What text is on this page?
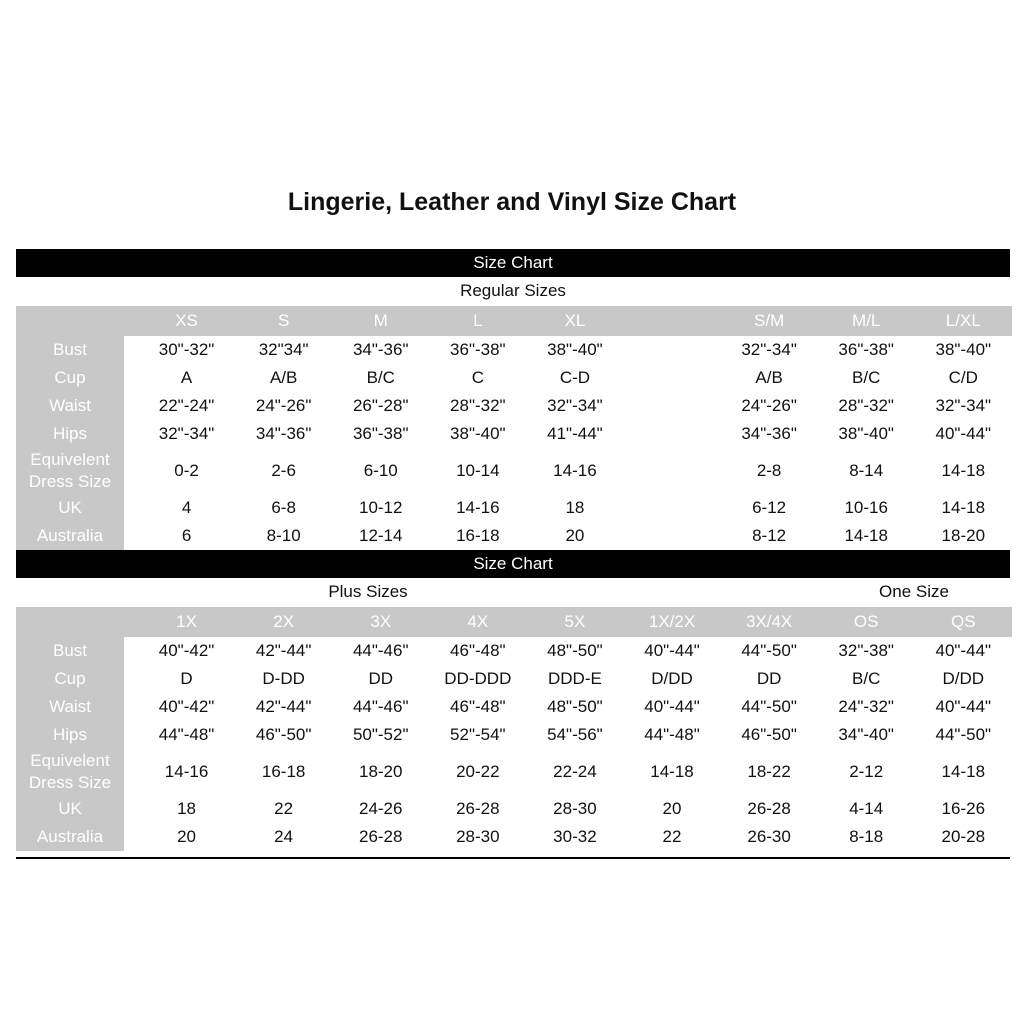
Lingerie, Leather and Vinyl Size Chart
Size Chart
Regular Sizes
		XS	S	M	L	XL		S/M	M/L	L/XL
Bust		30"-32"	32"34"	34"-36"	36"-38"	38"-40"		32"-34"	36"-38"	38"-40"
Cup		A	A/B	B/C	C	C-D		A/B	B/C	C/D
Waist		22"-24"	24"-26"	26"-28"	28"-32"	32"-34"		24"-26"	28"-32"	32"-34"
Hips		32"-34"	34"-36"	36"-38"	38"-40"	41"-44"		34"-36"	38"-40"	40"-44"
Equivelent Dress Size		0-2	2-6	6-10	10-14	14-16		2-8	8-14	14-18
UK		4	6-8	10-12	14-16	18		6-12	10-16	14-18
Australia		6	8-10	12-14	16-18	20		8-12	14-18	18-20
Size Chart
Plus Sizes	One Size
		1X	2X	3X	4X	5X	1X/2X	3X/4X	OS	QS
Bust		40"-42"	42"-44"	44"-46"	46"-48"	48"-50"	40"-44"	44"-50"	32"-38"	40"-44"
Cup		D	D-DD	DD	DD-DDD	DDD-E	D/DD	DD	B/C	D/DD
Waist		40"-42"	42"-44"	44"-46"	46"-48"	48"-50"	40"-44"	44"-50"	24"-32"	40"-44"
Hips		44"-48"	46"-50"	50"-52"	52"-54"	54"-56"	44"-48"	46"-50"	34"-40"	44"-50"
Equivelent Dress Size		14-16	16-18	18-20	20-22	22-24	14-18	18-22	2-12	14-18
UK		18	22	24-26	26-28	28-30	20	26-28	4-14	16-26
Australia		20	24	26-28	28-30	30-32	22	26-30	8-18	20-28
